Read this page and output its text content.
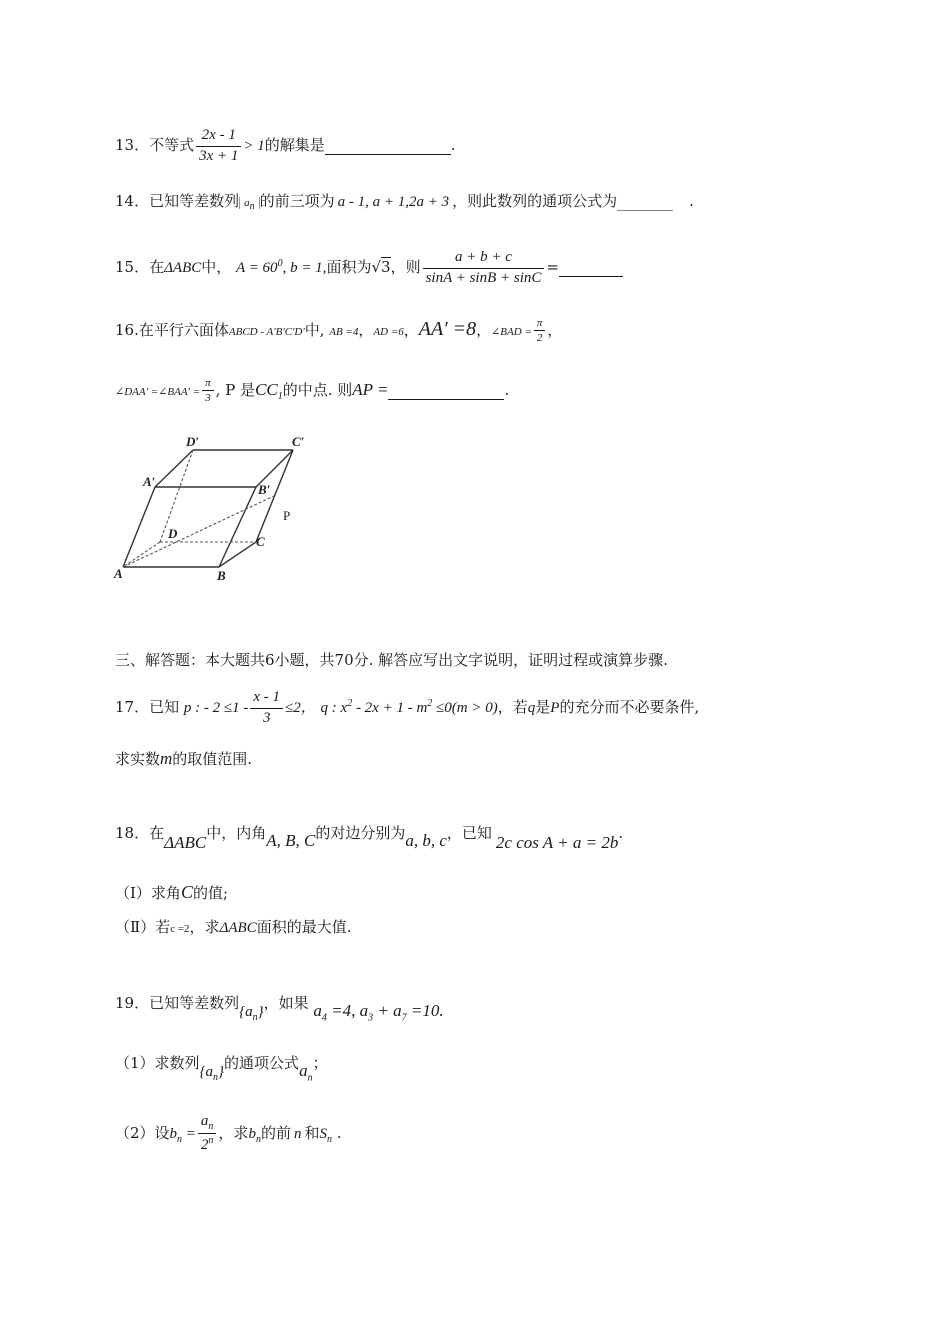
13．不等式 $\frac{2x - 1}{3x + 1} > 1$的解集是	.
14．已知等差数列 $a_n$ 的前三项为 a - 1, a + 1,2a + 3 ，则此数列的通项公式为	.
15．在ΔABC中， $A = 60^0$, b = 1,面积为√3，则 $\frac{a + b + c}{\sin A + \sin B + \sin C}$ =
16.在平行六面体ABCD - A'B'C'D'中, AB =4，AD =6，AA′ =8，∠BAD = $\frac{\pi}{2}$ ，
∠DAA′ =∠BAA′ = $\frac{\pi}{3}$ , P 是$CC_1$的中点. 则AP =	.
D′	C′
A′
B′
P
D
C
A	B
三、解答题：本大题共6小题，共70分. 解答应写出文字说明，证明过程或演算步骤.
17．已知 p : - $2 \le 1 - \frac{x - 1}{3} \le 2$， q : $x^2 - 2x + 1 - m^2 \le 0(m > 0)$，若q是P的充分而不必要条件,
求实数m的取值范围.
18．在ΔABC中，内角A, B, C的对边分别为a, b, c，已知 2c cos A + a = 2b.
（Ⅰ）求角C的值;
（Ⅱ）若c =2，求ΔABC面积的最大值.
19．已知等差数列$\{a_n\}$，如果 $a_4 =4$, $a_3 + a_7 =10$.
（1）求数列$\{a_n\}$的通项公式$a_n$；
（2）设$b_n = \frac{a_n}{2^n}$ ，求$b_n$的前 n 和$S_n$ .
